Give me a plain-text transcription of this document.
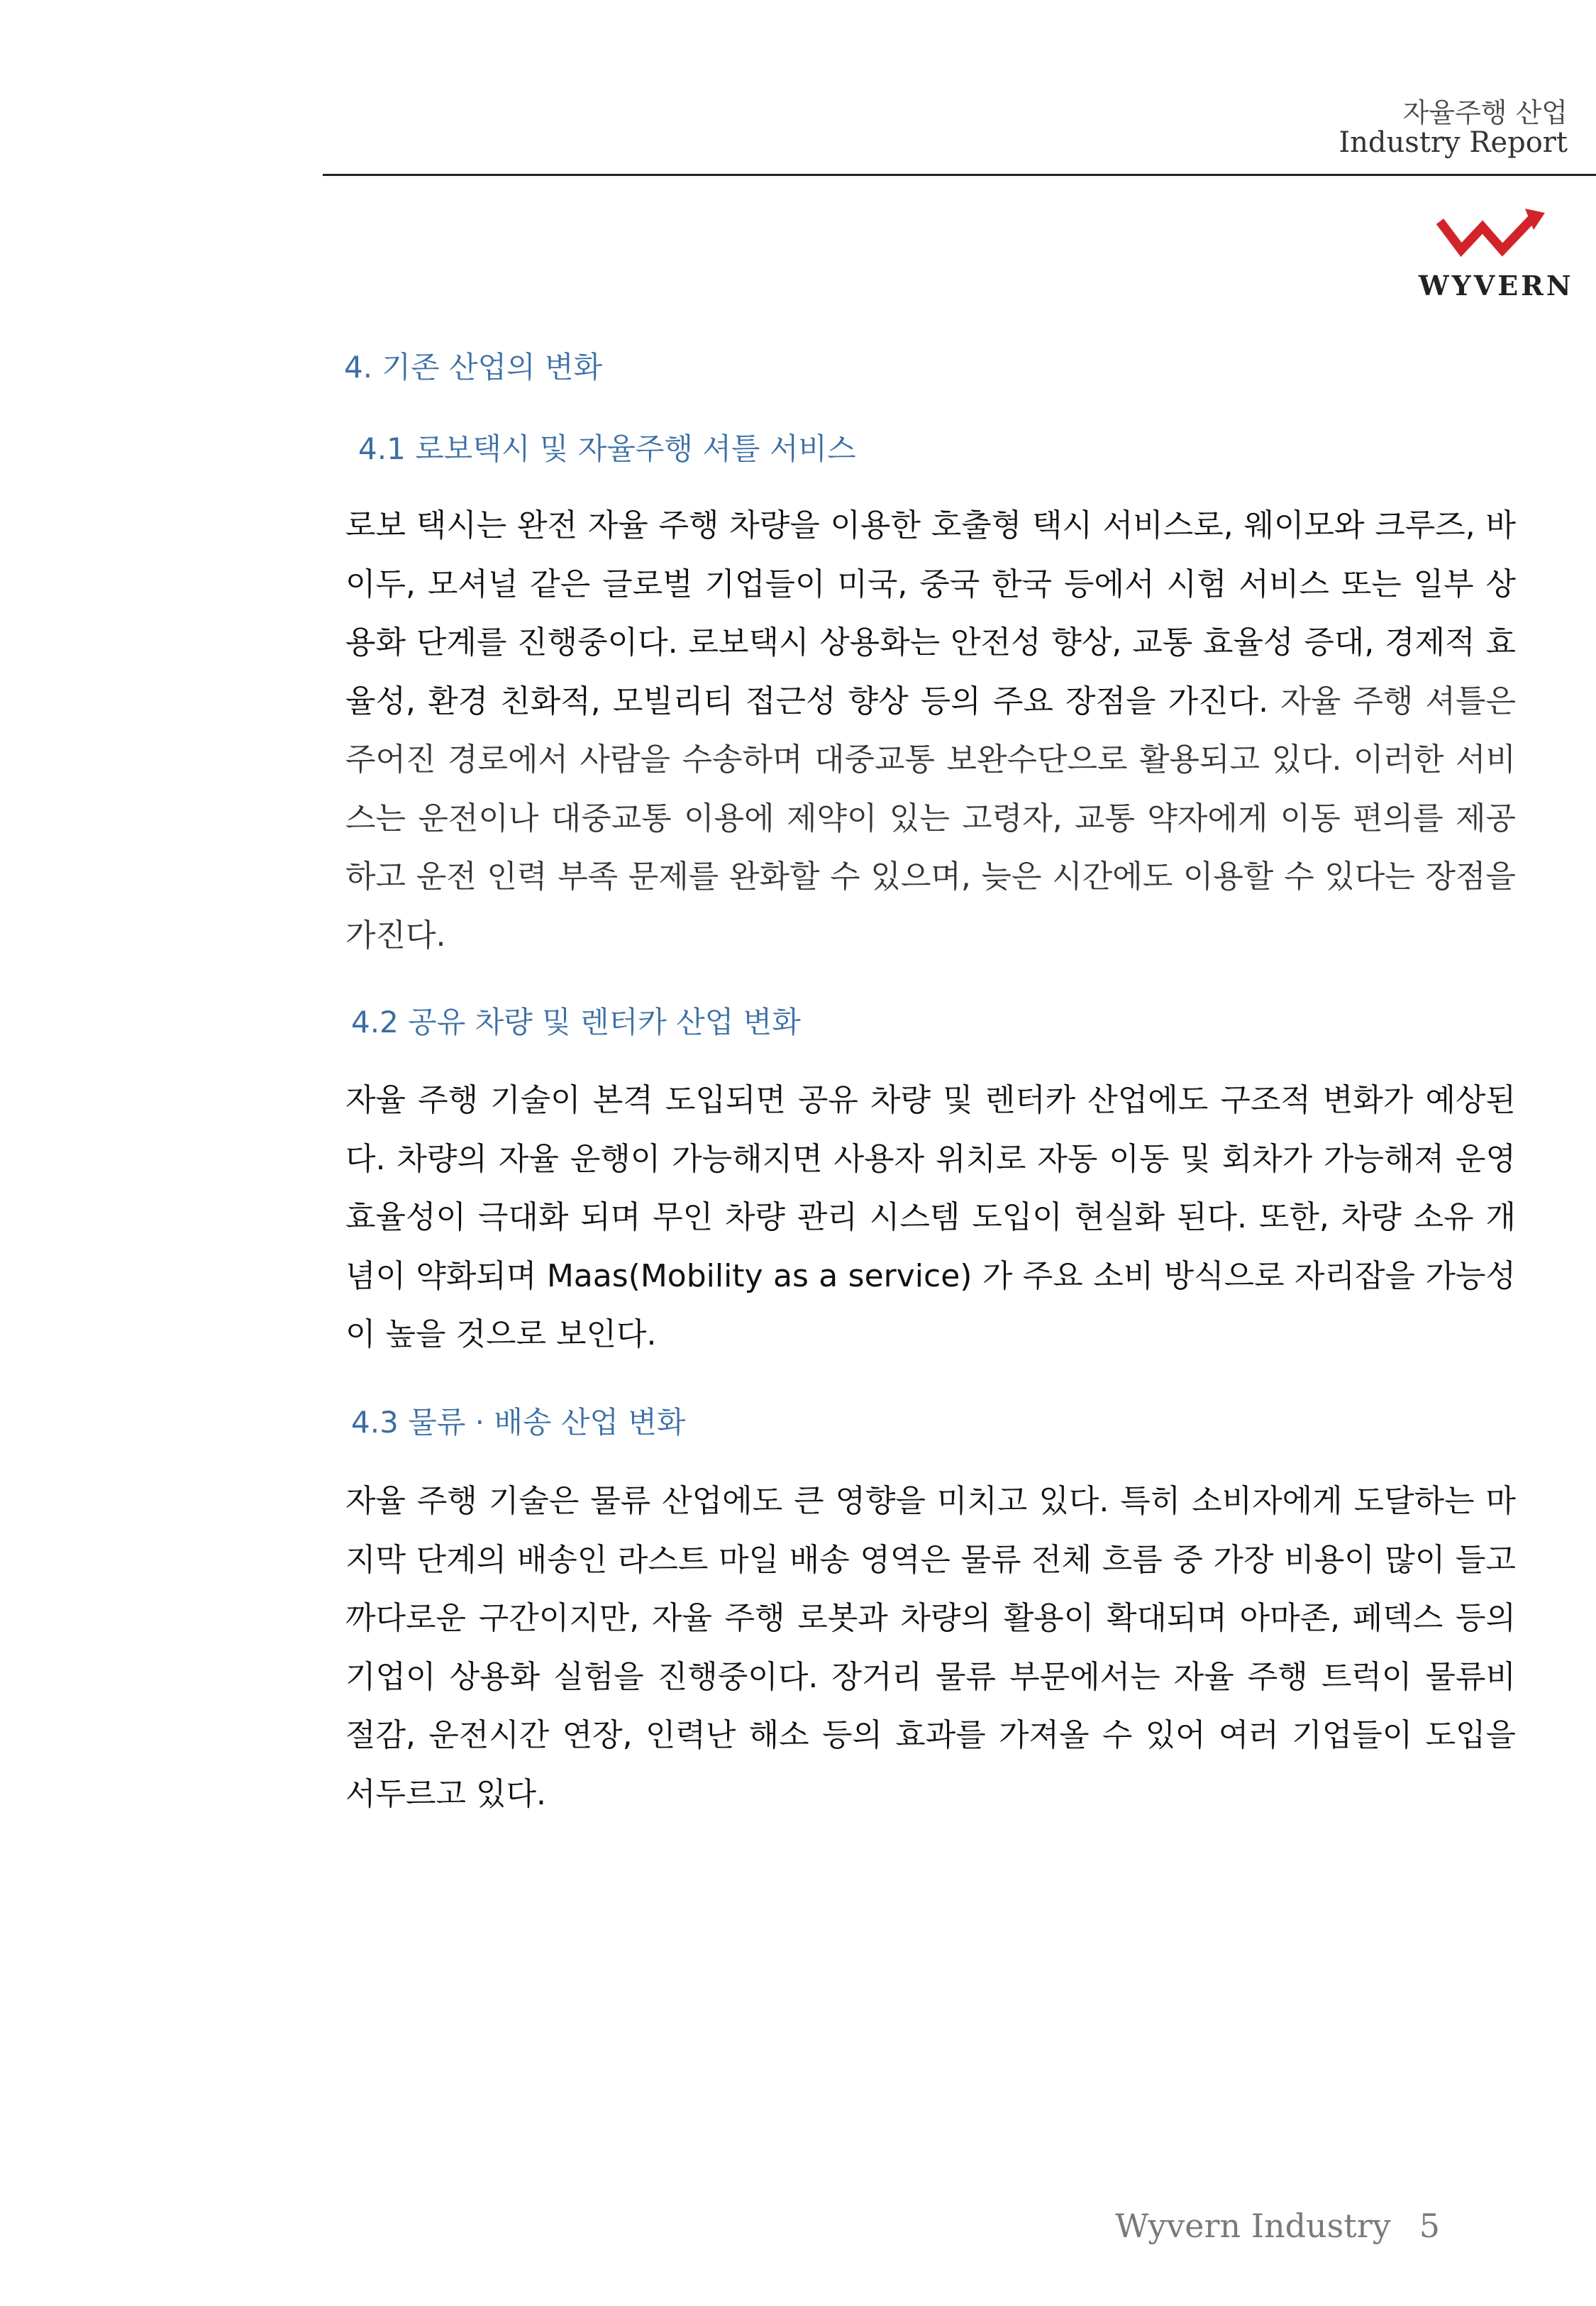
자율주행 산업
Industry Report
WYVERN
4. 기존 산업의 변화
4.1 로보택시 및 자율주행 셔틀 서비스
로보 택시는 완전 자율 주행 차량을 이용한 호출형 택시 서비스로, 웨이모와 크루즈, 바이두, 모셔널 같은 글로벌 기업들이 미국, 중국 한국 등에서 시험 서비스 또는 일부 상용화 단계를 진행중이다. 로보택시 상용화는 안전성 향상, 교통 효율성 증대, 경제적 효율성, 환경 친화적, 모빌리티 접근성 향상 등의 주요 장점을 가진다. 자율 주행 셔틀은 주어진 경로에서 사람을 수송하며 대중교통 보완수단으로 활용되고 있다. 이러한 서비스는 운전이나 대중교통 이용에 제약이 있는 고령자, 교통 약자에게 이동 편의를 제공하고 운전 인력 부족 문제를 완화할 수 있으며, 늦은 시간에도 이용할 수 있다는 장점을 가진다.
4.2 공유 차량 및 렌터카 산업 변화
자율 주행 기술이 본격 도입되면 공유 차량 및 렌터카 산업에도 구조적 변화가 예상된다. 차량의 자율 운행이 가능해지면 사용자 위치로 자동 이동 및 회차가 가능해져 운영 효율성이 극대화 되며 무인 차량 관리 시스템 도입이 현실화 된다. 또한, 차량 소유 개념이 약화되며 Maas(Mobility as a service) 가 주요 소비 방식으로 자리잡을 가능성이 높을 것으로 보인다.
4.3 물류 · 배송 산업 변화
자율 주행 기술은 물류 산업에도 큰 영향을 미치고 있다. 특히 소비자에게 도달하는 마지막 단계의 배송인 라스트 마일 배송 영역은 물류 전체 흐름 중 가장 비용이 많이 들고 까다로운 구간이지만, 자율 주행 로봇과 차량의 활용이 확대되며 아마존, 페덱스 등의 기업이 상용화 실험을 진행중이다. 장거리 물류 부문에서는 자율 주행 트럭이 물류비 절감, 운전시간 연장, 인력난 해소 등의 효과를 가져올 수 있어 여러 기업들이 도입을 서두르고 있다.
Wyvern Industry 5
